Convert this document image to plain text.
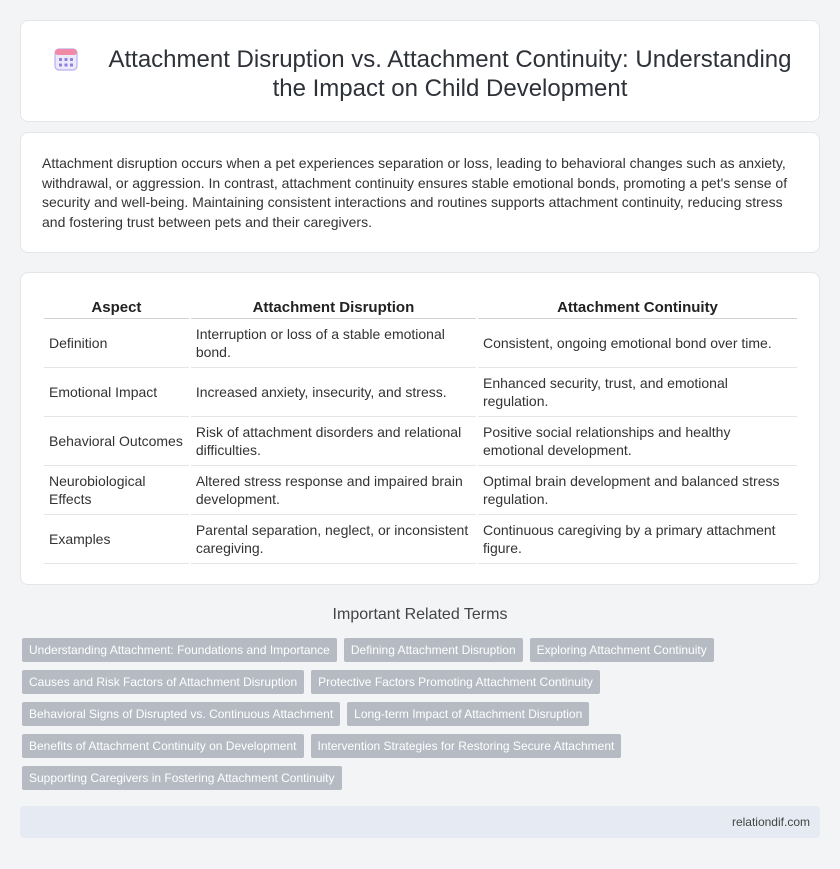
Attachment Disruption vs. Attachment Continuity: Understanding the Impact on Child Development

Attachment disruption occurs when a pet experiences separation or loss, leading to behavioral changes such as anxiety, withdrawal, or aggression. In contrast, attachment continuity ensures stable emotional bonds, promoting a pet's sense of security and well-being. Maintaining consistent interactions and routines supports attachment continuity, reducing stress and fostering trust between pets and their caregivers.

Aspect	Attachment Disruption	Attachment Continuity
Definition	Interruption or loss of a stable emotional bond.	Consistent, ongoing emotional bond over time.
Emotional Impact	Increased anxiety, insecurity, and stress.	Enhanced security, trust, and emotional regulation.
Behavioral Outcomes	Risk of attachment disorders and relational difficulties.	Positive social relationships and healthy emotional development.
Neurobiological Effects	Altered stress response and impaired brain development.	Optimal brain development and balanced stress regulation.
Examples	Parental separation, neglect, or inconsistent caregiving.	Continuous caregiving by a primary attachment figure.
Important Related Terms
Understanding Attachment: Foundations and Importance	Defining Attachment Disruption	Exploring Attachment Continuity
Causes and Risk Factors of Attachment Disruption	Protective Factors Promoting Attachment Continuity
Behavioral Signs of Disrupted vs. Continuous Attachment	Long-term Impact of Attachment Disruption
Benefits of Attachment Continuity on Development	Intervention Strategies for Restoring Secure Attachment
Supporting Caregivers in Fostering Attachment Continuity
relationdif.com
